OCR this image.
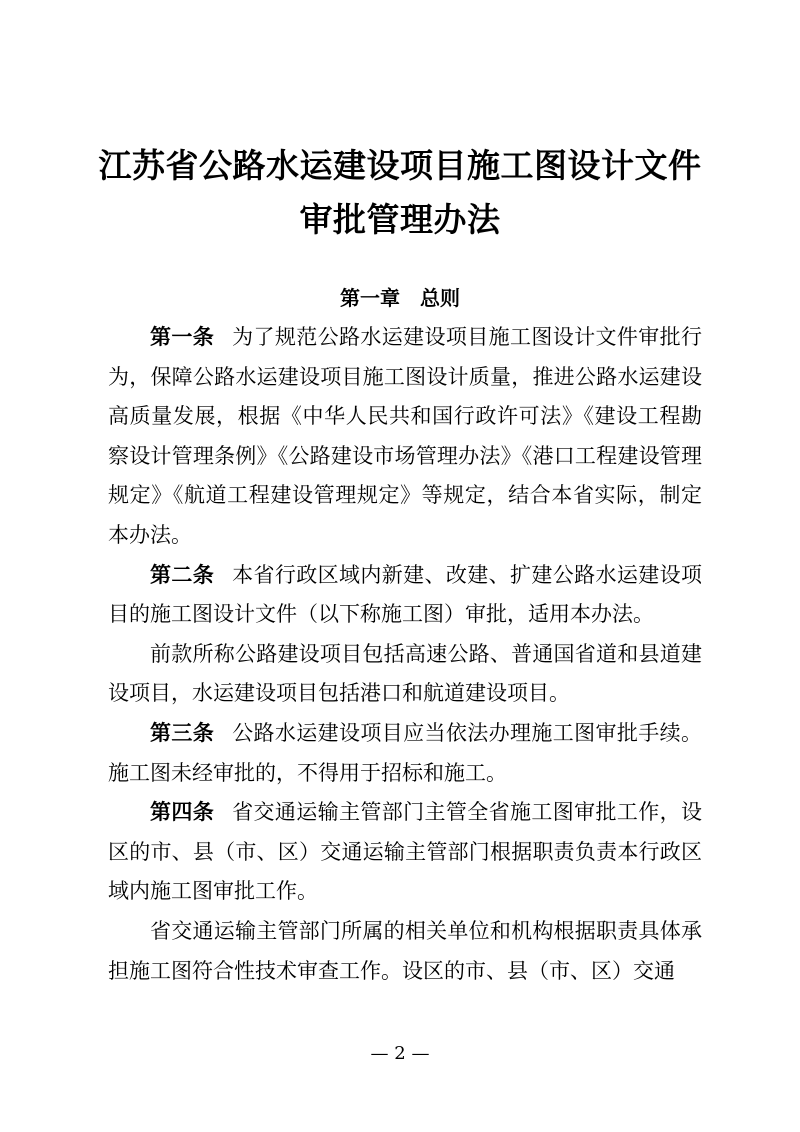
江苏省公路水运建设项目施工图设计文件
审批管理办法
第一章　总则

第一条 为了规范公路水运建设项目施工图设计文件审批行为，保障公路水运建设项目施工图设计质量，推进公路水运建设高质量发展，根据《中华人民共和国行政许可法》《建设工程勘察设计管理条例》《公路建设市场管理办法》《港口工程建设管理规定》《航道工程建设管理规定》等规定，结合本省实际，制定本办法。

第二条 本省行政区域内新建、改建、扩建公路水运建设项目的施工图设计文件（以下称施工图）审批，适用本办法。

前款所称公路建设项目包括高速公路、普通国省道和县道建设项目，水运建设项目包括港口和航道建设项目。

第三条 公路水运建设项目应当依法办理施工图审批手续。施工图未经审批的，不得用于招标和施工。

第四条 省交通运输主管部门主管全省施工图审批工作，设区的市、县（市、区）交通运输主管部门根据职责负责本行政区域内施工图审批工作。

省交通运输主管部门所属的相关单位和机构根据职责具体承担施工图符合性技术审查工作。设区的市、县（市、区）交通

— 2 —
